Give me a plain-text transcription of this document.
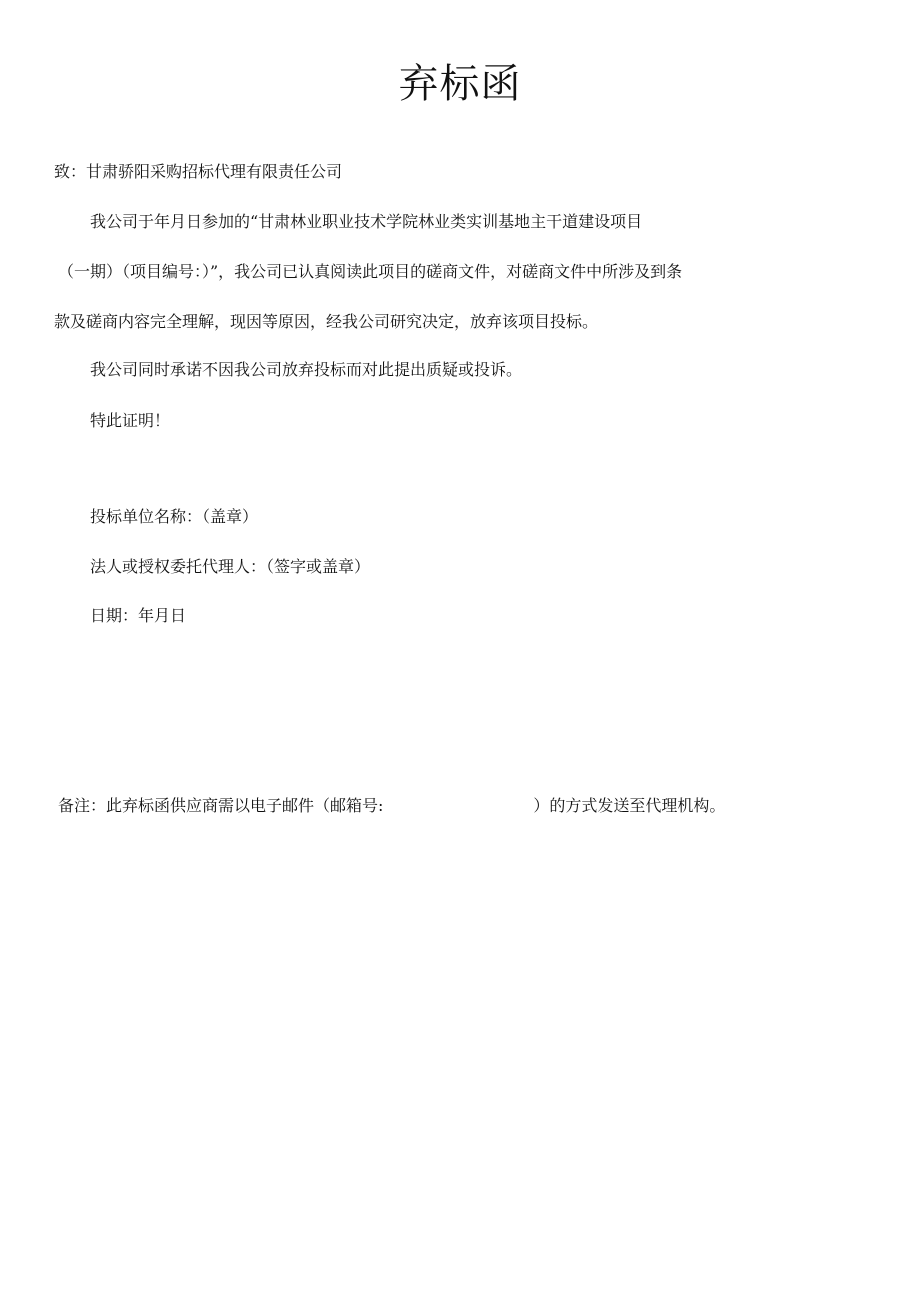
弃标函
致：甘肃骄阳采购招标代理有限责任公司
我公司于年月日参加的“甘肃林业职业技术学院林业类实训基地主干道建设项目
（一期）（项目编号：）”，我公司已认真阅读此项目的磋商文件，对磋商文件中所涉及到条
款及磋商内容完全理解，现因等原因，经我公司研究决定，放弃该项目投标。
我公司同时承诺不因我公司放弃投标而对此提出质疑或投诉。
特此证明！
投标单位名称：（盖章）
法人或授权委托代理人：（签字或盖章）
日期：年月日
备注：此弃标函供应商需以电子邮件（邮箱号:	）的方式发送至代理机构。
